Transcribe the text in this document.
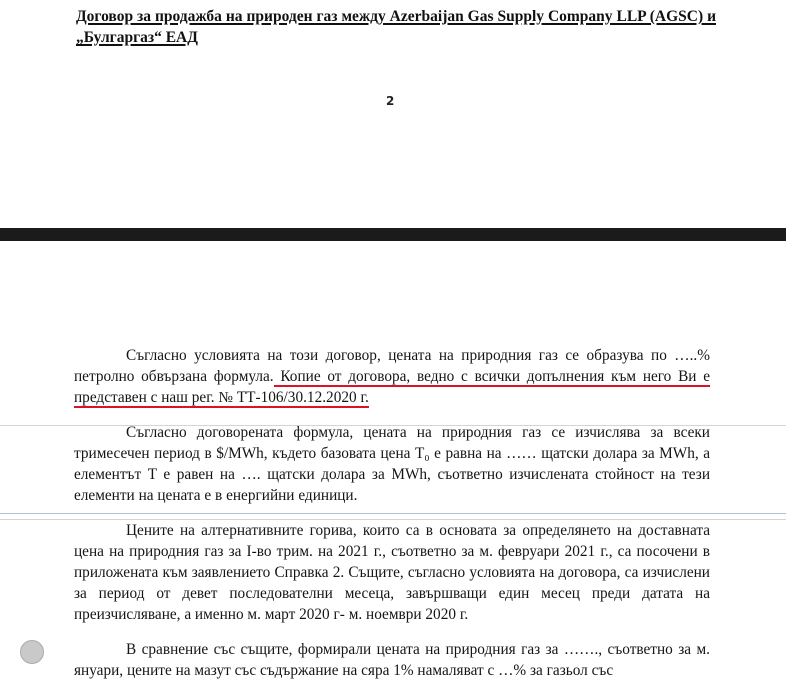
Договор за продажба на природен газ между Azerbaijan Gas Supply Company LLP (AGSC) и „Булгаргаз“ ЕАД
2

Съгласно условията на този договор, цената на природния газ се образува по …..% петролно обвързана формула. Копие от договора, ведно с всички допълнения към него Ви е представен с наш рег. № ТТ-106/30.12.2020 г.

Съгласно договорената формула, цената на природния газ се изчислява за всеки тримесечен период в $/MWh, където базовата цена T₀ е равна на …… щатски долара за MWh, а елементът T е равен на …. щатски долара за MWh, съответно изчислената стойност на тези елементи на цената е в енергийни единици.

Цените на алтернативните горива, които са в основата за определянето на доставната цена на природния газ за I-во трим. на 2021 г., съответно за м. февруари 2021 г., са посочени в приложената към заявлението Справка 2. Същите, съгласно условията на договора, са изчислени за период от девет последователни месеца, завършващи един месец преди датата на преизчисляване, а именно м. март 2020 г- м. ноември 2020 г.

В сравнение със същите, формирали цената на природния газ за ……., съответно за м. януари, цените на мазут със съдържание на сяра 1% намаляват с …% за газьол със
